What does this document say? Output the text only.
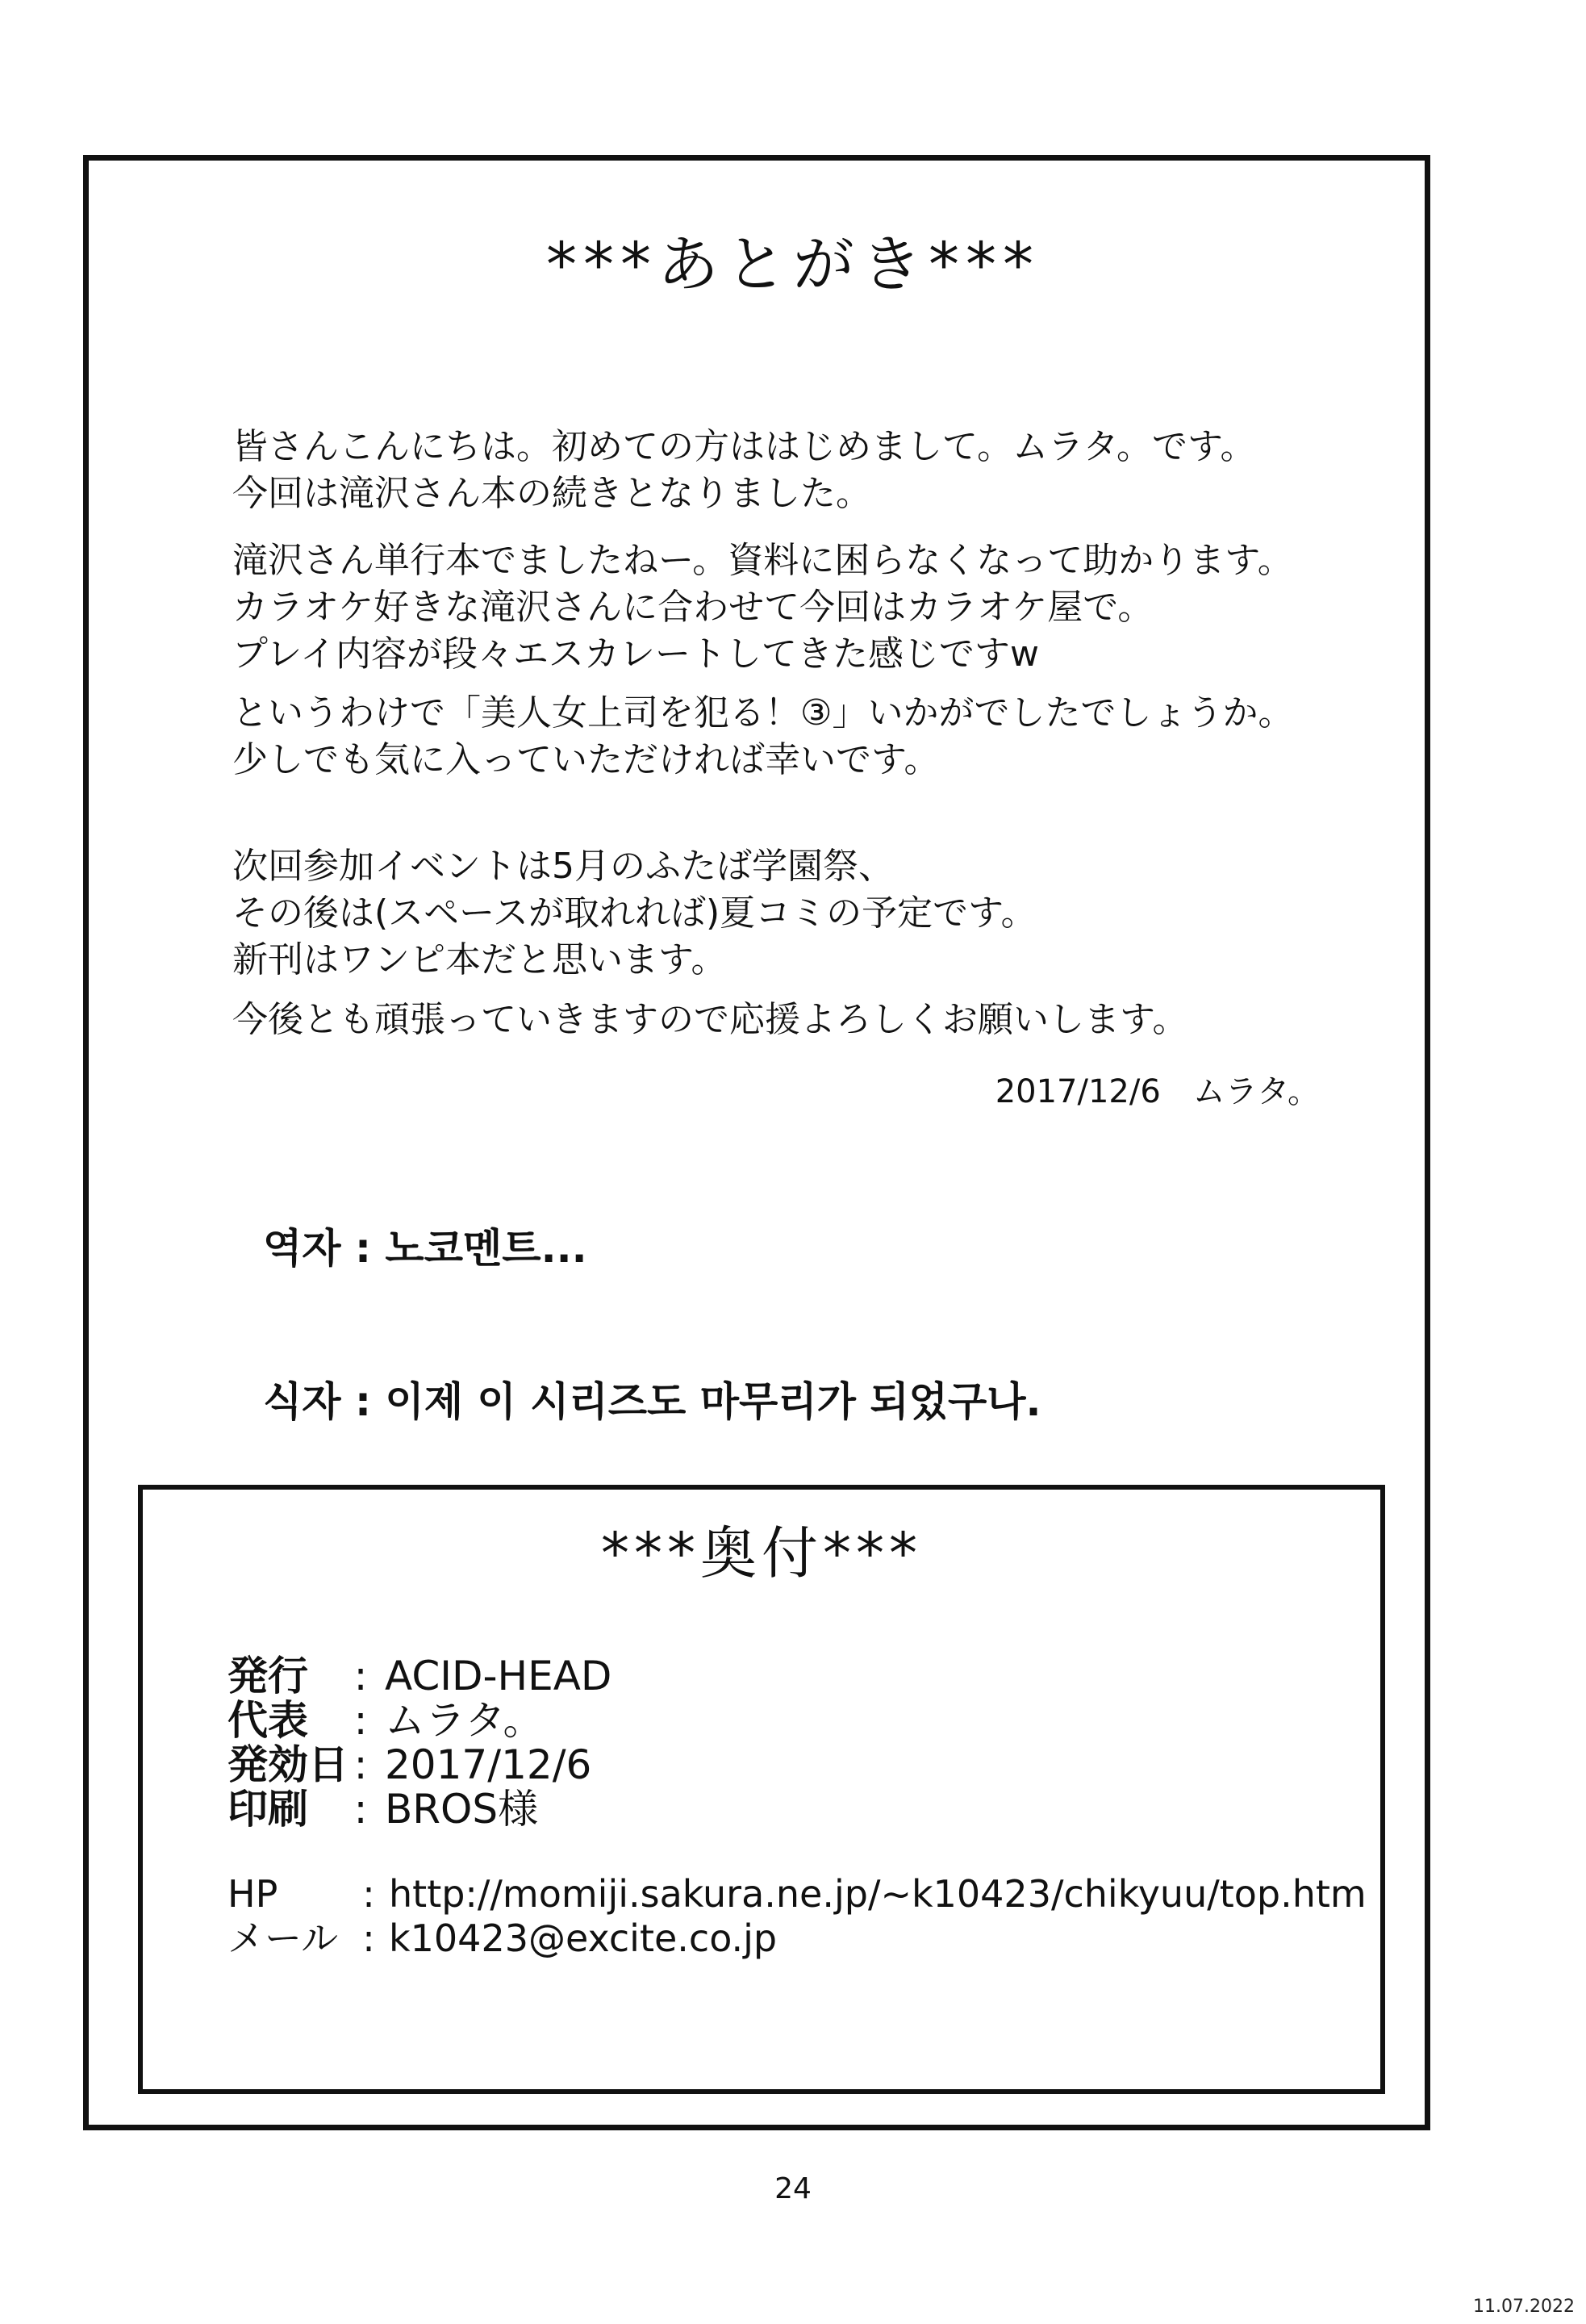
***あとがき***
皆さんこんにちは。初めての方ははじめまして。ムラタ。です。
今回は滝沢さん本の続きとなりました。
滝沢さん単行本でましたねー。資料に困らなくなって助かります。
カラオケ好きな滝沢さんに合わせて今回はカラオケ屋で。
プレイ内容が段々エスカレートしてきた感じですw
というわけで「美人女上司を犯る！③」いかがでしたでしょうか。
少しでも気に入っていただければ幸いです。
次回参加イベントは5月のふたば学園祭、
その後は(スペースが取れれば)夏コミの予定です。
新刊はワンピ本だと思います。
今後とも頑張っていきますので応援よろしくお願いします。
2017/12/6　ムラタ。
역자 : 노코멘트...
식자 : 이제 이 시리즈도 마무리가 되었구나.
***奥付***
発行 : ACID-HEAD
代表 : ムラタ。
発効日 : 2017/12/6
印刷 : BROS様
HP : http://momiji.sakura.ne.jp/~k10423/chikyuu/top.htm
メール : k10423@excite.co.jp
24
11.07.2022
